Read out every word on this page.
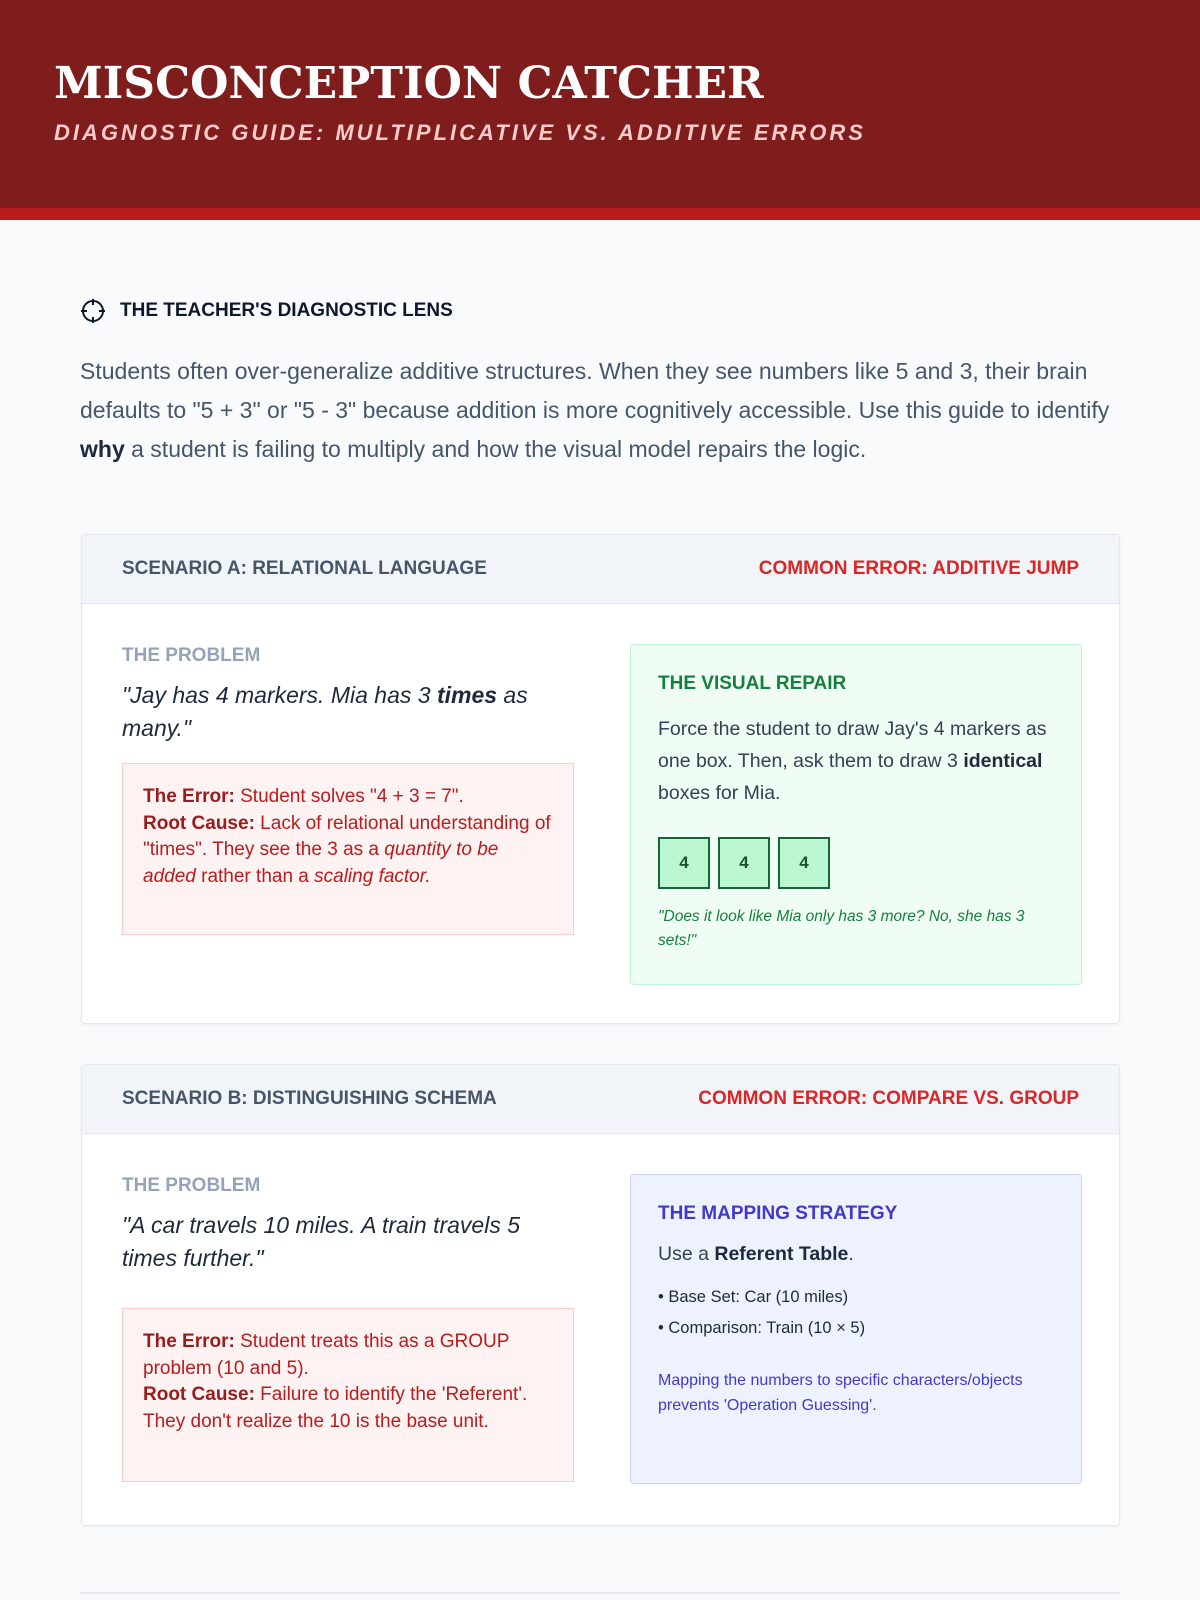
MISCONCEPTION CATCHER
DIAGNOSTIC GUIDE: MULTIPLICATIVE VS. ADDITIVE ERRORS
THE TEACHER'S DIAGNOSTIC LENS

Students often over-generalize additive structures. When they see numbers like 5 and 3, their brain defaults to "5 + 3" or "5 - 3" because addition is more cognitively accessible. Use this guide to identify why a student is failing to multiply and how the visual model repairs the logic.

SCENARIO A: RELATIONAL LANGUAGE	COMMON ERROR: ADDITIVE JUMP
THE PROBLEM
"Jay has 4 markers. Mia has 3 times as many."
The Error: Student solves "4 + 3 = 7".
Root Cause: Lack of relational understanding of "times". They see the 3 as a quantity to be added rather than a scaling factor.
THE VISUAL REPAIR
Force the student to draw Jay's 4 markers as one box. Then, ask them to draw 3 identical boxes for Mia.
4	4	4
"Does it look like Mia only has 3 more? No, she has 3 sets!"
SCENARIO B: DISTINGUISHING SCHEMA	COMMON ERROR: COMPARE VS. GROUP
THE PROBLEM
"A car travels 10 miles. A train travels 5 times further."
The Error: Student treats this as a GROUP problem (10 and 5).
Root Cause: Failure to identify the 'Referent'. They don't realize the 10 is the base unit.
THE MAPPING STRATEGY
Use a Referent Table.
• Base Set: Car (10 miles)
• Comparison: Train (10 × 5)
Mapping the numbers to specific characters/objects prevents 'Operation Guessing'.
